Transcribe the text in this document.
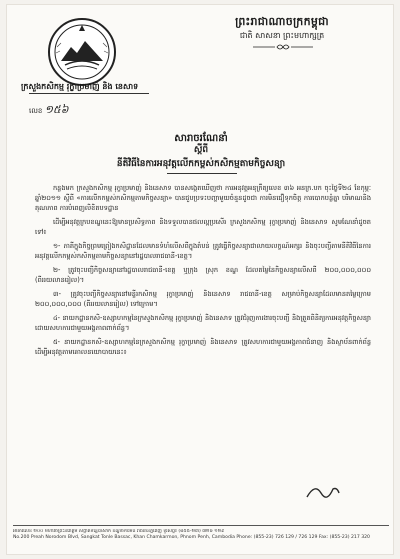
ព្រះរាជាណាចក្រកម្ពុជា
ជាតិ សាសនា ព្រះមហាក្សត្រ
ក្រសួងកសិកម្ម រុក្ខាប្រមាញ់ និង នេសាទ
លេខ ១៥៦
សារាចរណែនាំ
ស្តីពី
នីតិវិធីនៃការអនុវត្តលើកកម្ពស់កសិកម្មតាមកិច្ចសន្យា

កន្លងមក ក្រសួងកសិកម្ម រុក្ខាប្រមាញ់ និងនេសាទ បានសង្កេតឃើញថា ការអនុវត្តអនុក្រឹត្យលេខ ៣៦ អនក្រ.បក ចុះថ្ងៃទី២៤ ខែកុម្ភៈ ឆ្នាំ២០១១ ស្តីពី «ការលើកកម្ពស់កសិកម្មតាមកិច្ចសន្យា» បានជួបប្រទះបញ្ហាមួយចំនួនដូចជា ការមិនជឿទុកចិត្ត ការបោកបន្លំគ្នា បរិមាណនិងគុណភាព ការបំពេញលិខិតបទដ្ឋាន

ដើម្បីអនុវត្តក្របខណ្ឌនេះឱ្យមានប្រសិទ្ធភាព និងទទួលបានផលល្អប្រសើរ ក្រសួងកសិកម្ម រុក្ខាប្រមាញ់ និងនេសាទ សូមណែនាំដូចតទៅ៖

១- ភាគីក្នុងកិច្ចព្រមព្រៀងកសិដ្ឋានដែលមានទំហំលើសពីក្នុងតំបន់ ត្រូវធ្វើកិច្ចសន្យាជាលាយលក្ខណ៍អក្សរ និងចុះបញ្ជីតាមនីតិវិធីនៃការអនុវត្តលើកកម្ពស់កសិកម្មតាមកិច្ចសន្យានៅរដ្ឋបាលរាជធានី-ខេត្ត។

២- ត្រូវចុះបញ្ជីកិច្ចសន្យានៅរដ្ឋបាលរាជធានី-ខេត្ត ឬក្រុង ស្រុក ខណ្ឌ ដែលតម្លៃនៃកិច្ចសន្យាលើសពី ២០០,០០០,០០០ (ពីររយលានរៀល)។

៣- ត្រូវចុះបញ្ជីកិច្ចសន្យានៅមន្ទីរកសិកម្ម រុក្ខាប្រមាញ់ និងនេសាទ រាជធានី-ខេត្ត សម្រាប់កិច្ចសន្យាដែលមានតម្លៃក្រោម ២០០,០០០,០០០ (ពីររយលានរៀល) ទៅក្រោម។

៤- នាយកដ្ឋានកសិ-ឧស្សាហកម្មនៃក្រសួងកសិកម្ម រុក្ខាប្រមាញ់ និងនេសាទ ត្រូវជំរុញការងារចុះបញ្ជី និងត្រួតពិនិត្យការអនុវត្តកិច្ចសន្យា ដោយសហការជាមួយអង្គភាពពាក់ព័ន្ធ។

៥- នាយកដ្ឋានកសិ-ឧស្សាហកម្មនៃក្រសួងកសិកម្ម រុក្ខាប្រមាញ់ និងនេសាទ ត្រូវសហការជាមួយអង្គភាពជំនាញ និងស្ថាប័នពាក់ព័ន្ធ ដើម្បីអនុវត្តតាមគោលនយោបាយនេះ៖

អាគារលេខ ២០០ មហាវិថីព្រះនរោត្តម សង្កាត់ទន្លេបាសាក់ ខណ្ឌចំការមន រាជធានីភ្នំពេញ ទូរស័ព្ទ៖ (៨៥៥-២៣) ៧២៦ ១២៩
No.200 Preah Norodom Blvd, Sangkat Tonle Bassac, Khan Chamkarmon, Phnom Penh, Cambodia Phone: (855-23) 726 129 / 726 129 Fax: (855-23) 217 320
